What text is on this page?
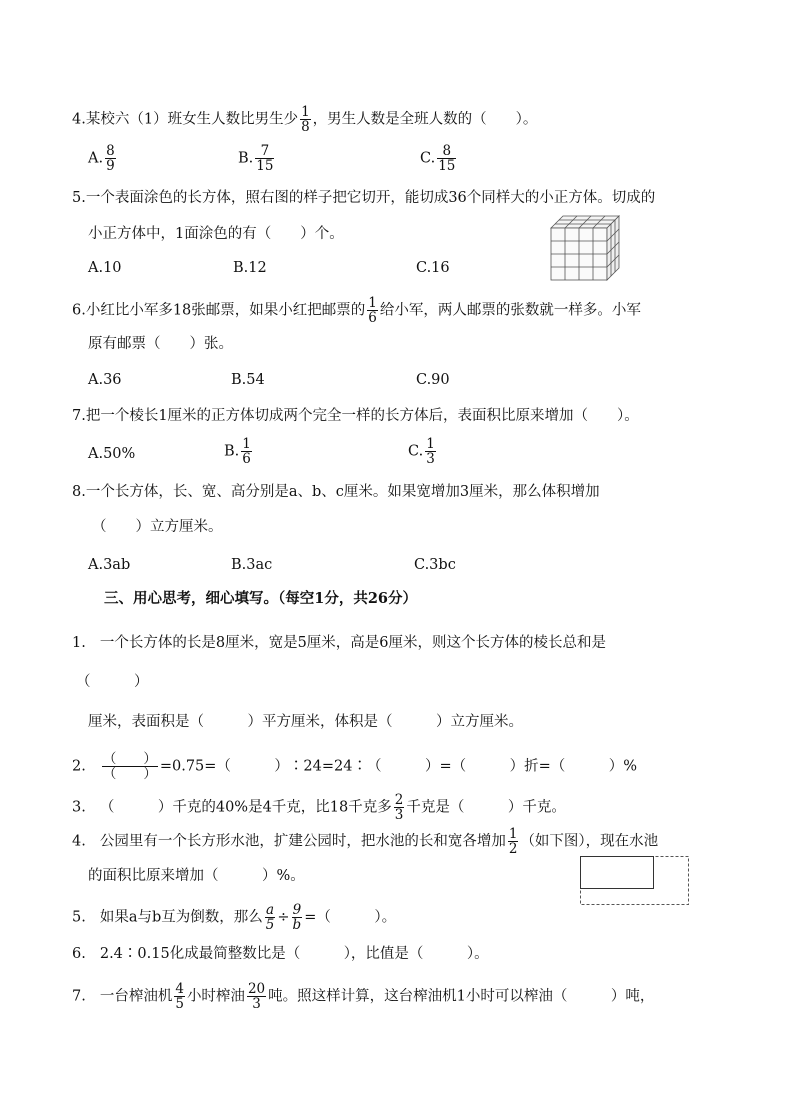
4.某校六（1）班女生人数比男生少 $\frac{1}{8}$ ，男生人数是全班人数的（　　）。
A. $\frac{8}{9}$	B. $\frac{7}{15}$	C. $\frac{8}{15}$
5.一个表面涂色的长方体，照右图的样子把它切开，能切成36个同样大的小正方体。切成的
小正方体中，1面涂色的有（　　）个。
A.10	B.12	C.16
6.小红比小军多18张邮票，如果小红把邮票的 $\frac{1}{6}$ 给小军，两人邮票的张数就一样多。小军
原有邮票（　　）张。
A.36	B.54	C.90
7.把一个棱长1厘米的正方体切成两个完全一样的长方体后，表面积比原来增加（　　）。
A.50%	B. $\frac{1}{6}$	C. $\frac{1}{3}$
8.一个长方体，长、宽、高分别是a、b、c厘米。如果宽增加3厘米，那么体积增加
（　　）立方厘米。
A.3ab	B.3ac	C.3bc
三、用心思考，细心填写。（每空1分，共26分）
1. 一个长方体的长是8厘米，宽是5厘米，高是6厘米，则这个长方体的棱长总和是
（　　　）
厘米，表面积是（　　　）平方厘米，体积是（　　　）立方厘米。
2. $\frac{( )}{( )} =0.75=$（　　　）∶24=24∶（　　　）=（　　　）折=（　　　）%
3. （　　　）千克的40%是4千克，比18千克多 $\frac{2}{3}$ 千克是（　　　）千克。
4. 公园里有一个长方形水池，扩建公园时，把水池的长和宽各增加 $\frac{1}{2}$ （如下图），现在水池
的面积比原来增加（　　　）%。
5. 如果a与b互为倒数，那么 $\frac{a}{5} \div \frac{9}{b}$ =（　　　）。
6. 2.4∶0.15化成最简整数比是（　　　），比值是（　　　）。
7. 一台榨油机 $\frac{4}{5}$ 小时榨油 $\frac{20}{3}$ 吨。照这样计算，这台榨油机1小时可以榨油（　　　）吨，
